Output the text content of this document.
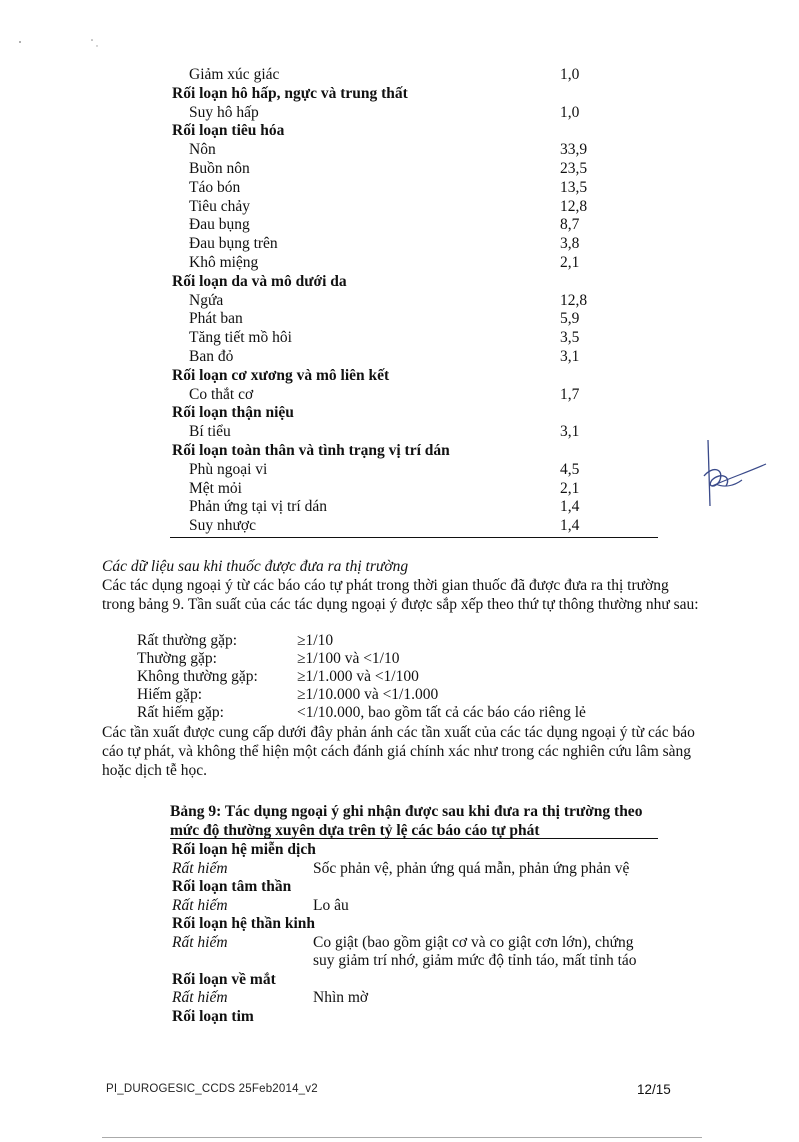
Giảm xúc giác	1,0
Rối loạn hô hấp, ngực và trung thất
Suy hô hấp	1,0
Rối loạn tiêu hóa
Nôn	33,9
Buồn nôn	23,5
Táo bón	13,5
Tiêu chảy	12,8
Đau bụng	8,7
Đau bụng trên	3,8
Khô miệng	2,1
Rối loạn da và mô dưới da
Ngứa	12,8
Phát ban	5,9
Tăng tiết mồ hôi	3,5
Ban đỏ	3,1
Rối loạn cơ xương và mô liên kết
Co thắt cơ	1,7
Rối loạn thận niệu
Bí tiểu	3,1
Rối loạn toàn thân và tình trạng vị trí dán
Phù ngoại vi	4,5
Mệt mỏi	2,1
Phản ứng tại vị trí dán	1,4
Suy nhược	1,4
Các dữ liệu sau khi thuốc được đưa ra thị trường
Các tác dụng ngoại ý từ các báo cáo tự phát trong thời gian thuốc đã được đưa ra thị trường trong bảng 9. Tần suất của các tác dụng ngoại ý được sắp xếp theo thứ tự thông thường như sau:
Rất thường gặp:	≥1/10
Thường gặp:	≥1/100 và <1/10
Không thường gặp:	≥1/1.000 và <1/100
Hiếm gặp:	≥1/10.000 và <1/1.000
Rất hiếm gặp:	<1/10.000, bao gồm tất cả các báo cáo riêng lẻ
Các tần xuất được cung cấp dưới đây phản ánh các tần xuất của các tác dụng ngoại ý từ các báo cáo tự phát, và không thể hiện một cách đánh giá chính xác như trong các nghiên cứu lâm sàng hoặc dịch tễ học.
Bảng 9: Tác dụng ngoại ý ghi nhận được sau khi đưa ra thị trường theo mức độ thường xuyên dựa trên tỷ lệ các báo cáo tự phát
Rối loạn hệ miễn dịch
Rất hiếm	Sốc phản vệ, phản ứng quá mẫn, phản ứng phản vệ
Rối loạn tâm thần
Rất hiếm	Lo âu
Rối loạn hệ thần kinh
Rất hiếm	Co giật (bao gồm giật cơ và co giật cơn lớn), chứng suy giảm trí nhớ, giảm mức độ tỉnh táo, mất tỉnh táo
Rối loạn về mắt
Rất hiếm	Nhìn mờ
Rối loạn tim
PI_DUROGESIC_CCDS 25Feb2014_v2	12/15
